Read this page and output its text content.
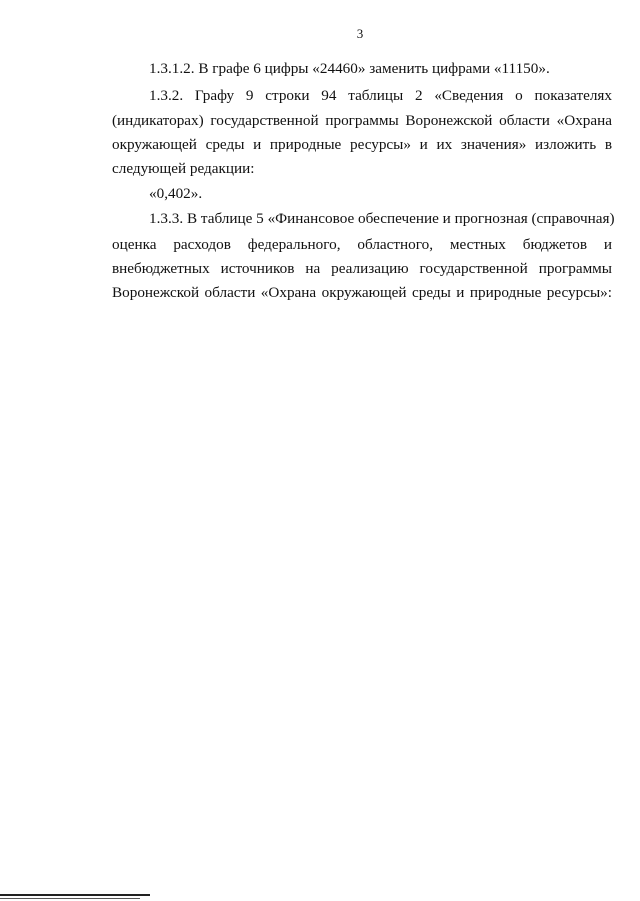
3
1.3.1.2. В графе 6 цифры «24460» заменить цифрами «11150».
1.3.2. Графу 9 строки 94 таблицы 2 «Сведения о показателях
(индикаторах) государственной программы Воронежской области «Охрана
окружающей среды и природные ресурсы» и их значения» изложить в
следующей редакции:
«0,402».
1.3.3. В таблице 5 «Финансовое обеспечение и прогнозная (справочная)
оценка расходов федерального, областного, местных бюджетов и
внебюджетных источников на реализацию государственной программы
Воронежской области «Охрана окружающей среды и природные ресурсы»:
